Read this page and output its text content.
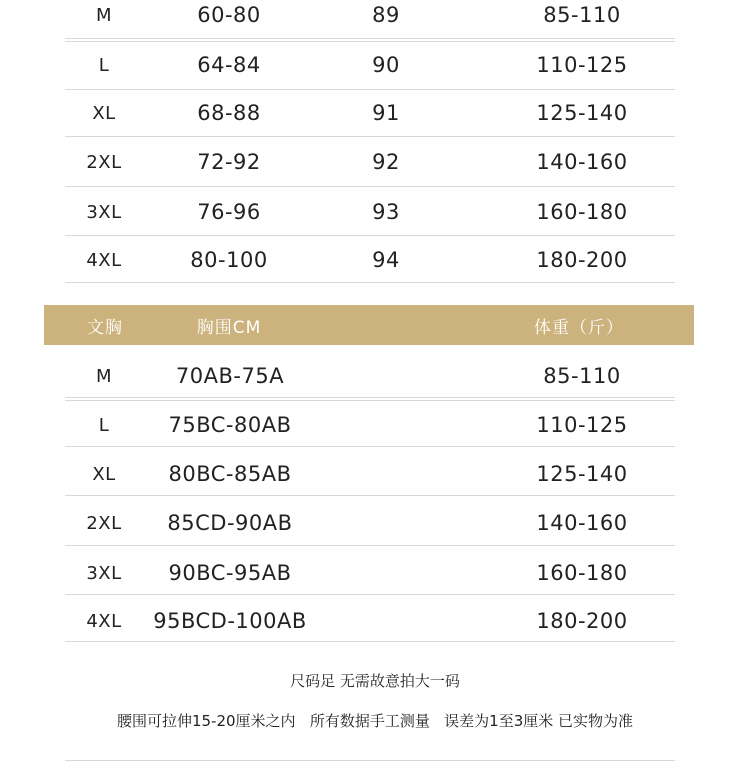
M	60-80	89	85-110
L	64-84	90	110-125
XL	68-88	91	125-140
2XL	72-92	92	140-160
3XL	76-96	93	160-180
4XL	80-100	94	180-200
文胸	胸围CM	体重（斤）
M	70AB-75A	85-110
L	75BC-80AB	110-125
XL	80BC-85AB	125-140
2XL	85CD-90AB	140-160
3XL	90BC-95AB	160-180
4XL	95BCD-100AB	180-200
尺码足 无需故意拍大一码
腰围可拉伸15-20厘米之内   所有数据手工测量   误差为1至3厘米 已实物为准
